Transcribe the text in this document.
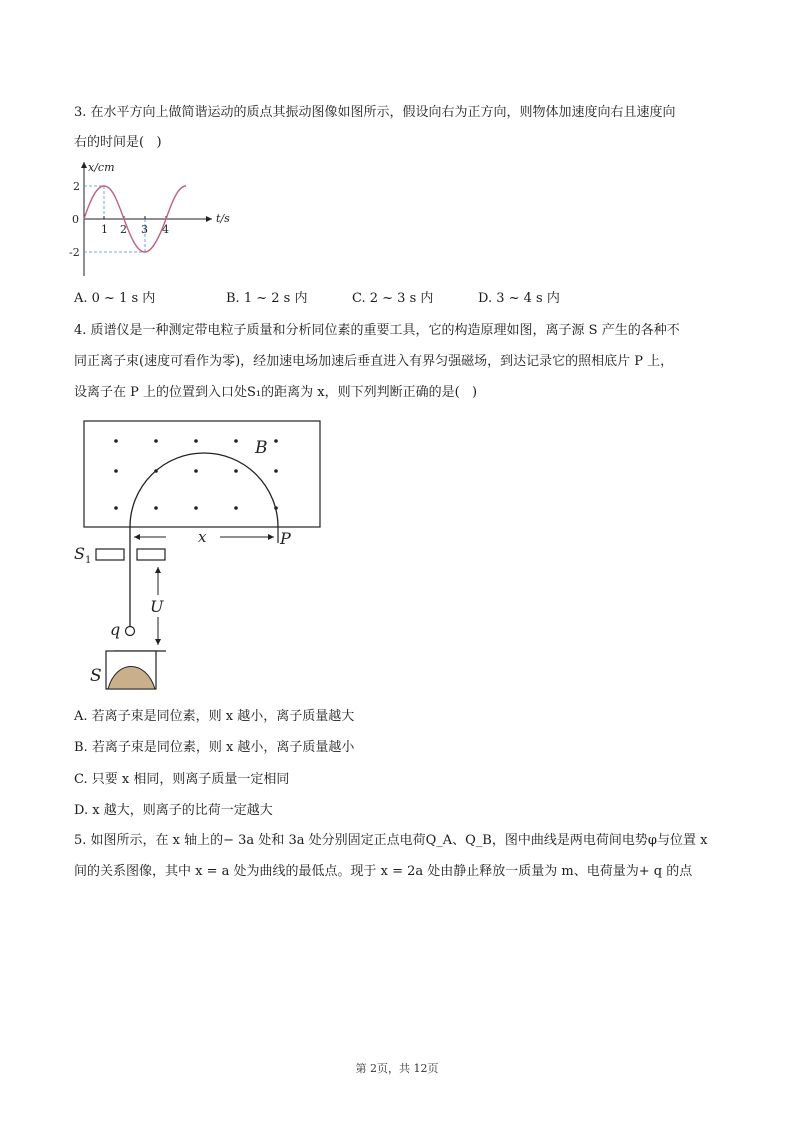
3. 在水平方向上做简谐运动的质点其振动图像如图所示，假设向右为正方向，则物体加速度向右且速度向
右的时间是(   )
x/cm
t/s
0
2
-2
1 2 3 4
A. 0 ~ 1 s 内	B. 1 ~ 2 s 内	C. 2 ~ 3 s 内	D. 3 ~ 4 s 内
4. 质谱仪是一种测定带电粒子质量和分析同位素的重要工具，它的构造原理如图，离子源 S 产生的各种不
同正离子束(速度可看作为零)，经加速电场加速后垂直进入有界匀强磁场，到达记录它的照相底片 P 上，
设离子在 P 上的位置到入口处S₁的距离为 x，则下列判断正确的是(   )
B
x	P
$S_1$
U
q
S
A. 若离子束是同位素，则 x 越小，离子质量越大
B. 若离子束是同位素，则 x 越小，离子质量越小
C. 只要 x 相同，则离子质量一定相同
D. x 越大，则离子的比荷一定越大
5. 如图所示，在 x 轴上的− 3a 处和 3a 处分别固定正点电荷Q_A、Q_B，图中曲线是两电荷间电势φ与位置 x
间的关系图像，其中 x = a 处为曲线的最低点。现于 x = 2a 处由静止释放一质量为 m、电荷量为+ q 的点
第 2页，共 12页
